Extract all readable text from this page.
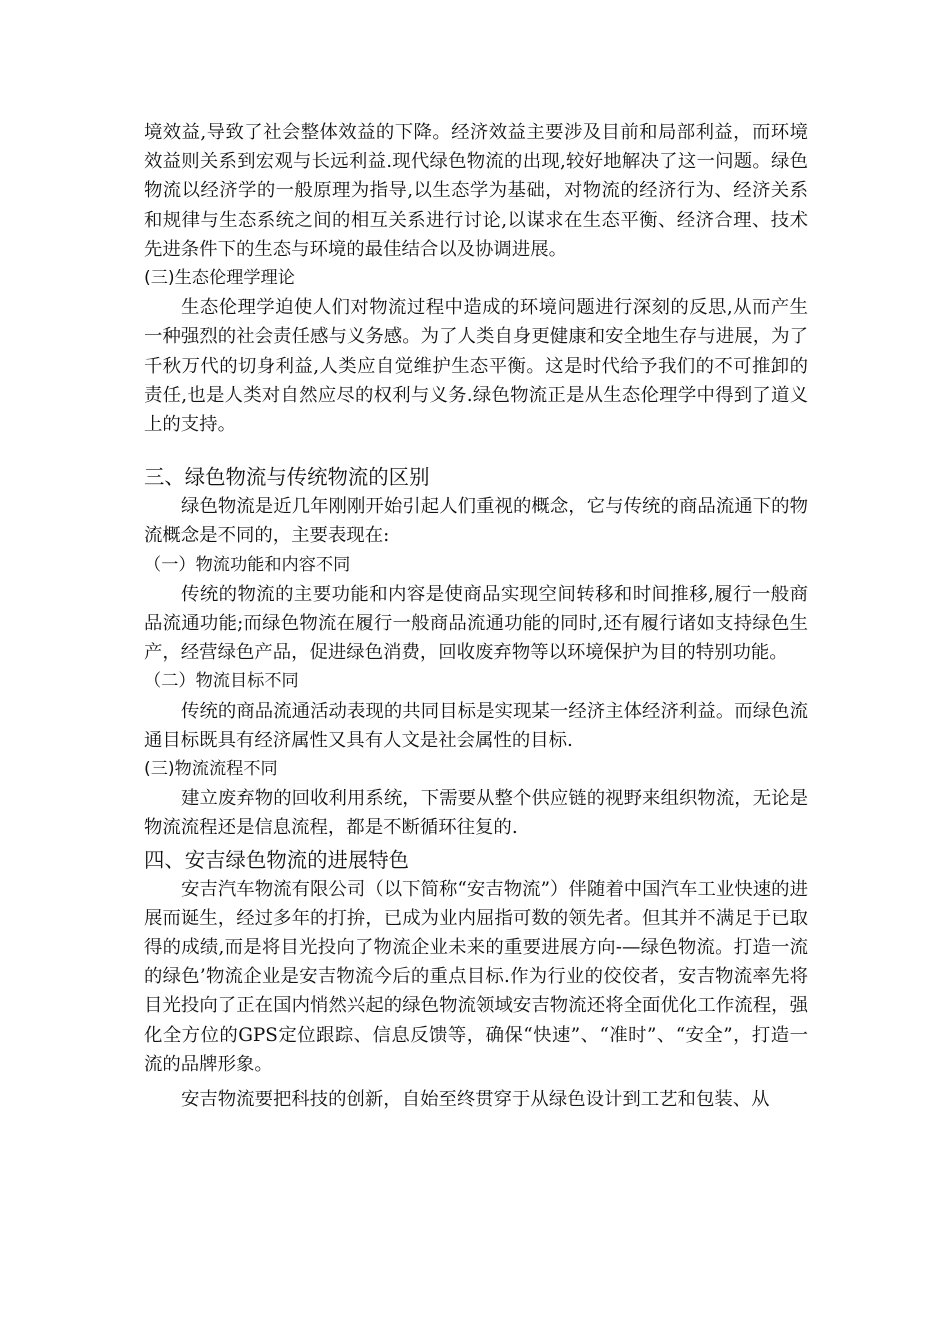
境效益,导致了社会整体效益的下降。经济效益主要涉及目前和局部利益，而环境效益则关系到宏观与长远利益.现代绿色物流的出现,较好地解决了这一问题。绿色物流以经济学的一般原理为指导,以生态学为基础，对物流的经济行为、经济关系和规律与生态系统之间的相互关系进行讨论,以谋求在生态平衡、经济合理、技术先进条件下的生态与环境的最佳结合以及协调进展。

(三)生态伦理学理论

生态伦理学迫使人们对物流过程中造成的环境问题进行深刻的反思,从而产生一种强烈的社会责任感与义务感。为了人类自身更健康和安全地生存与进展，为了千秋万代的切身利益,人类应自觉维护生态平衡。这是时代给予我们的不可推卸的责任,也是人类对自然应尽的权利与义务.绿色物流正是从生态伦理学中得到了道义上的支持。

三、绿色物流与传统物流的区别

绿色物流是近几年刚刚开始引起人们重视的概念，它与传统的商品流通下的物流概念是不同的，主要表现在:

（一）物流功能和内容不同

传统的物流的主要功能和内容是使商品实现空间转移和时间推移,履行一般商品流通功能;而绿色物流在履行一般商品流通功能的同时,还有履行诸如支持绿色生产，经营绿色产品，促进绿色消费，回收废弃物等以环境保护为目的特别功能。

（二）物流目标不同

传统的商品流通活动表现的共同目标是实现某一经济主体经济利益。而绿色流通目标既具有经济属性又具有人文是社会属性的目标.

(三)物流流程不同

建立废弃物的回收利用系统，下需要从整个供应链的视野来组织物流，无论是物流流程还是信息流程，都是不断循环往复的.

四、安吉绿色物流的进展特色

安吉汽车物流有限公司（以下简称“安吉物流”）伴随着中国汽车工业快速的进展而诞生，经过多年的打拚，已成为业内屈指可数的领先者。但其并不满足于已取得的成绩,而是将目光投向了物流企业未来的重要进展方向-—绿色物流。打造一流的绿色’物流企业是安吉物流今后的重点目标.作为行业的佼佼者，安吉物流率先将目光投向了正在国内悄然兴起的绿色物流领域安吉物流还将全面优化工作流程，强化全方位的GPS定位跟踪、信息反馈等，确保“快速”、“准时”、“安全”，打造一流的品牌形象。

安吉物流要把科技的创新，自始至终贯穿于从绿色设计到工艺和包装、从
